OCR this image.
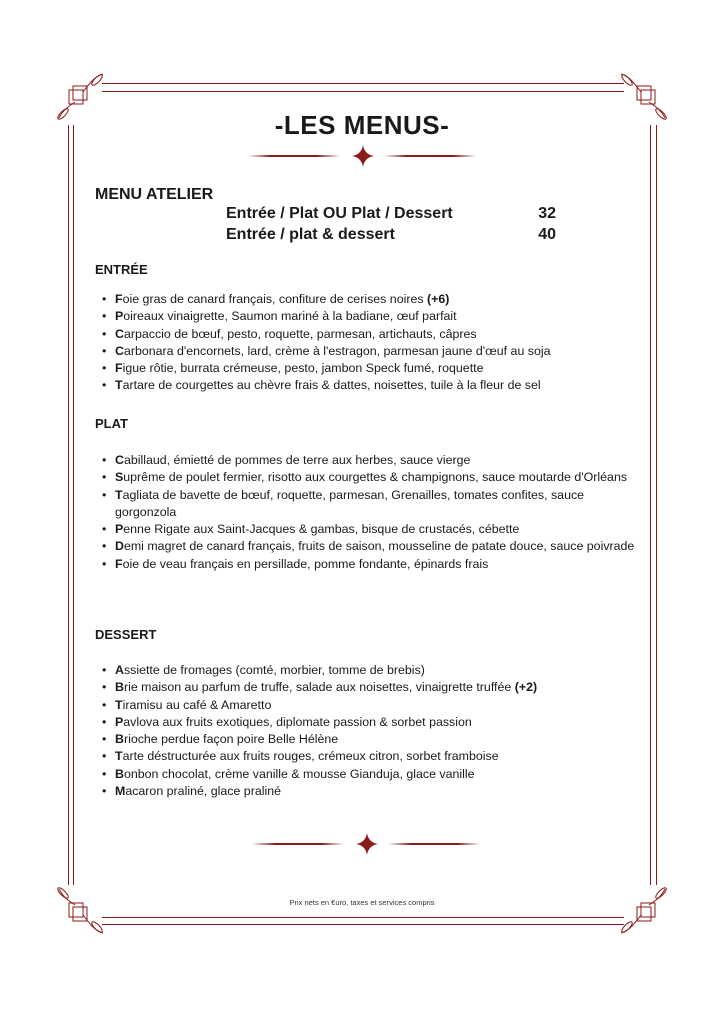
-LES MENUS-
MENU ATELIER
Entrée / Plat OU Plat / Dessert	32
Entrée / plat & dessert	40
ENTRÉE
• Foie gras de canard français, confiture de cerises noires (+6)
• Poireaux vinaigrette, Saumon mariné à la badiane, œuf parfait
• Carpaccio de bœuf, pesto, roquette, parmesan, artichauts, câpres
• Carbonara d'encornets, lard, crème à l'estragon, parmesan jaune d'œuf au soja
• Figue rôtie, burrata crémeuse, pesto, jambon Speck fumé, roquette
• Tartare de courgettes au chèvre frais & dattes, noisettes, tuile à la fleur de sel
PLAT
• Cabillaud, émietté de pommes de terre aux herbes, sauce vierge
• Suprême de poulet fermier, risotto aux courgettes & champignons, sauce moutarde d'Orléans
• Tagliata de bavette de bœuf, roquette, parmesan, Grenailles, tomates confites, sauce gorgonzola
• Penne Rigate aux Saint-Jacques & gambas, bisque de crustacés, cébette
• Demi magret de canard français, fruits de saison, mousseline de patate douce, sauce poivrade
• Foie de veau français en persillade, pomme fondante, épinards frais
DESSERT
• Assiette de fromages (comté, morbier, tomme de brebis)
• Brie maison au parfum de truffe, salade aux noisettes, vinaigrette truffée (+2)
• Tiramisu au café & Amaretto
• Pavlova aux fruits exotiques, diplomate passion & sorbet passion
• Brioche perdue façon poire Belle Hélène
• Tarte déstructurée aux fruits rouges, crémeux citron, sorbet framboise
• Bonbon chocolat, crème vanille & mousse Gianduja, glace vanille
• Macaron praliné, glace praliné
Prix nets en €uro, taxes et services compris
